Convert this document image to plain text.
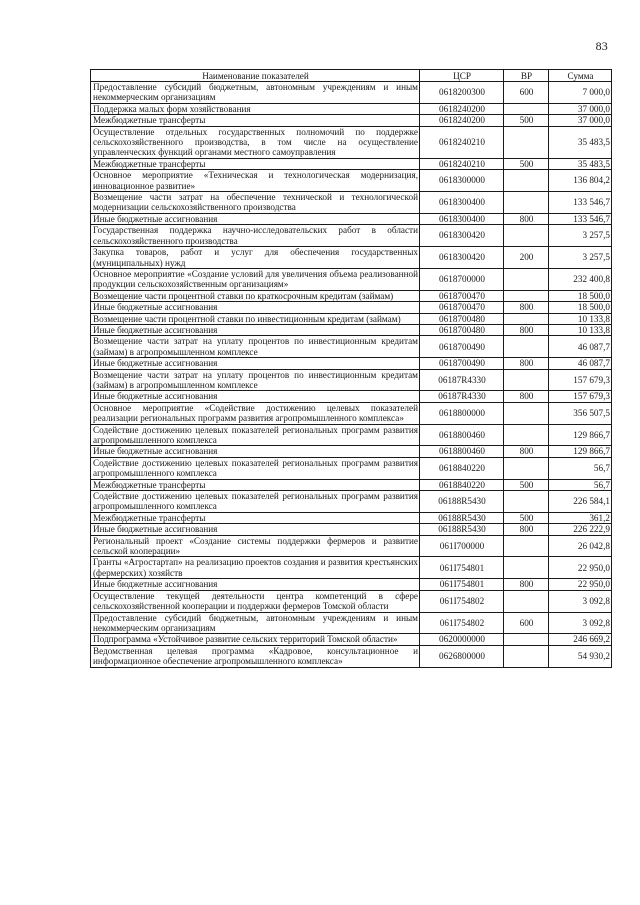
83
Наименование показателей	ЦСР	ВР	Сумма
Предоставление субсидий бюджетным, автономным учреждениям и иным некоммерческим организациям	0618200300	600	7 000,0
Поддержка малых форм хозяйствования	0618240200		37 000,0
Межбюджетные трансферты	0618240200	500	37 000,0
Осуществление отдельных государственных полномочий по поддержке сельскохозяйственного производства, в том числе на осуществление управленческих функций органами местного самоуправления	0618240210		35 483,5
Межбюджетные трансферты	0618240210	500	35 483,5
Основное мероприятие «Техническая и технологическая модернизация, инновационное развитие»	0618300000		136 804,2
Возмещение части затрат на обеспечение технической и технологической модернизации сельскохозяйственного производства	0618300400		133 546,7
Иные бюджетные ассигнования	0618300400	800	133 546,7
Государственная поддержка научно-исследовательских работ в области сельскохозяйственного производства	0618300420		3 257,5
Закупка товаров, работ и услуг для обеспечения государственных (муниципальных) нужд	0618300420	200	3 257,5
Основное мероприятие «Создание условий для увеличения объема реализованной продукции сельскохозяйственным организациям»	0618700000		232 400,8
Возмещение части процентной ставки по краткосрочным кредитам (займам)	0618700470		18 500,0
Иные бюджетные ассигнования	0618700470	800	18 500,0
Возмещение части процентной ставки по инвестиционным кредитам (займам)	0618700480		10 133,8
Иные бюджетные ассигнования	0618700480	800	10 133,8
Возмещение части затрат на уплату процентов по инвестиционным кредитам (займам) в агропромышленном комплексе	0618700490		46 087,7
Иные бюджетные ассигнования	0618700490	800	46 087,7
Возмещение части затрат на уплату процентов по инвестиционным кредитам (займам) в агропромышленном комплексе	06187R4330		157 679,3
Иные бюджетные ассигнования	06187R4330	800	157 679,3
Основное мероприятие «Содействие достижению целевых показателей реализации региональных программ развития агропромышленного комплекса»	0618800000		356 507,5
Содействие достижению целевых показателей региональных программ развития агропромышленного комплекса	0618800460		129 866,7
Иные бюджетные ассигнования	0618800460	800	129 866,7
Содействие достижению целевых показателей региональных программ развития агропромышленного комплекса	0618840220		56,7
Межбюджетные трансферты	0618840220	500	56,7
Содействие достижению целевых показателей региональных программ развития агропромышленного комплекса	06188R5430		226 584,1
Межбюджетные трансферты	06188R5430	500	361,2
Иные бюджетные ассигнования	06188R5430	800	226 222,9
Региональный проект «Создание системы поддержки фермеров и развитие сельской кооперации»	061I700000		26 042,8
Гранты «Агростартап» на реализацию проектов создания и развития крестьянских (фермерских) хозяйств	061I754801		22 950,0
Иные бюджетные ассигнования	061I754801	800	22 950,0
Осуществление текущей деятельности центра компетенций в сфере сельскохозяйственной кооперации и поддержки фермеров Томской области	061I754802		3 092,8
Предоставление субсидий бюджетным, автономным учреждениям и иным некоммерческим организациям	061I754802	600	3 092,8
Подпрограмма «Устойчивое развитие сельских территорий Томской области»	0620000000		246 669,2
Ведомственная целевая программа «Кадровое, консультационное и информационное обеспечение агропромышленного комплекса»	0626800000		54 930,2
